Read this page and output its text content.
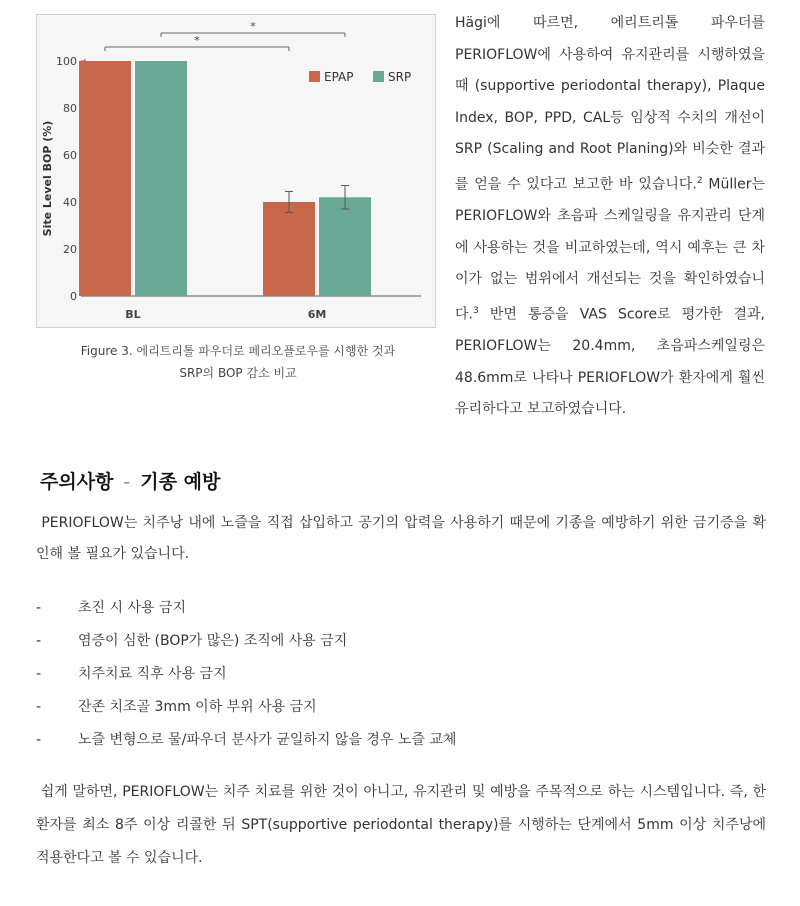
0
20
40
60
80
100
Site Level BOP (%)
BL	6M
*
*
EPAP	SRP
Figure 3. 에리트리톨 파우더로 페리오플로우를 시행한 것과
SRP의 BOP 감소 비교

Hägi에 따르면, 에리트리톨 파우더를 PERIOFLOW에 사용하여 유지관리를 시행하였을 때 (supportive periodontal therapy), Plaque Index, BOP, PPD, CAL등 임상적 수치의 개선이 SRP (Scaling and Root Planing)와 비슷한 결과를 얻을 수 있다고 보고한 바 있습니다.$^2$ Müller는 PERIOFLOW와 초음파 스케일링을 유지관리 단계에 사용하는 것을 비교하였는데, 역시 예후는 큰 차이가 없는 범위에서 개선되는 것을 확인하였습니다.$^3$ 반면 통증을 VAS Score로 평가한 결과, PERIOFLOW는 20.4mm, 초음파스케일링은 48.6mm로 나타나 PERIOFLOW가 환자에게 훨씬 유리하다고 보고하였습니다.

주의사항 - 기종 예방

PERIOFLOW는 치주낭 내에 노즐을 직접 삽입하고 공기의 압력을 사용하기 때문에 기종을 예방하기 위한 금기증을 확인해 볼 필요가 있습니다.

-	초진 시 사용 금지
-	염증이 심한 (BOP가 많은) 조직에 사용 금지
-	치주치료 직후 사용 금지
-	잔존 치조골 3mm 이하 부위 사용 금지
-	노즐 변형으로 물/파우더 분사가 균일하지 않을 경우 노즐 교체

쉽게 말하면, PERIOFLOW는 치주 치료를 위한 것이 아니고, 유지관리 및 예방을 주목적으로 하는 시스템입니다. 즉, 한 환자를 최소 8주 이상 리콜한 뒤 SPT(supportive periodontal therapy)를 시행하는 단계에서 5mm 이상 치주낭에 적용한다고 볼 수 있습니다.
